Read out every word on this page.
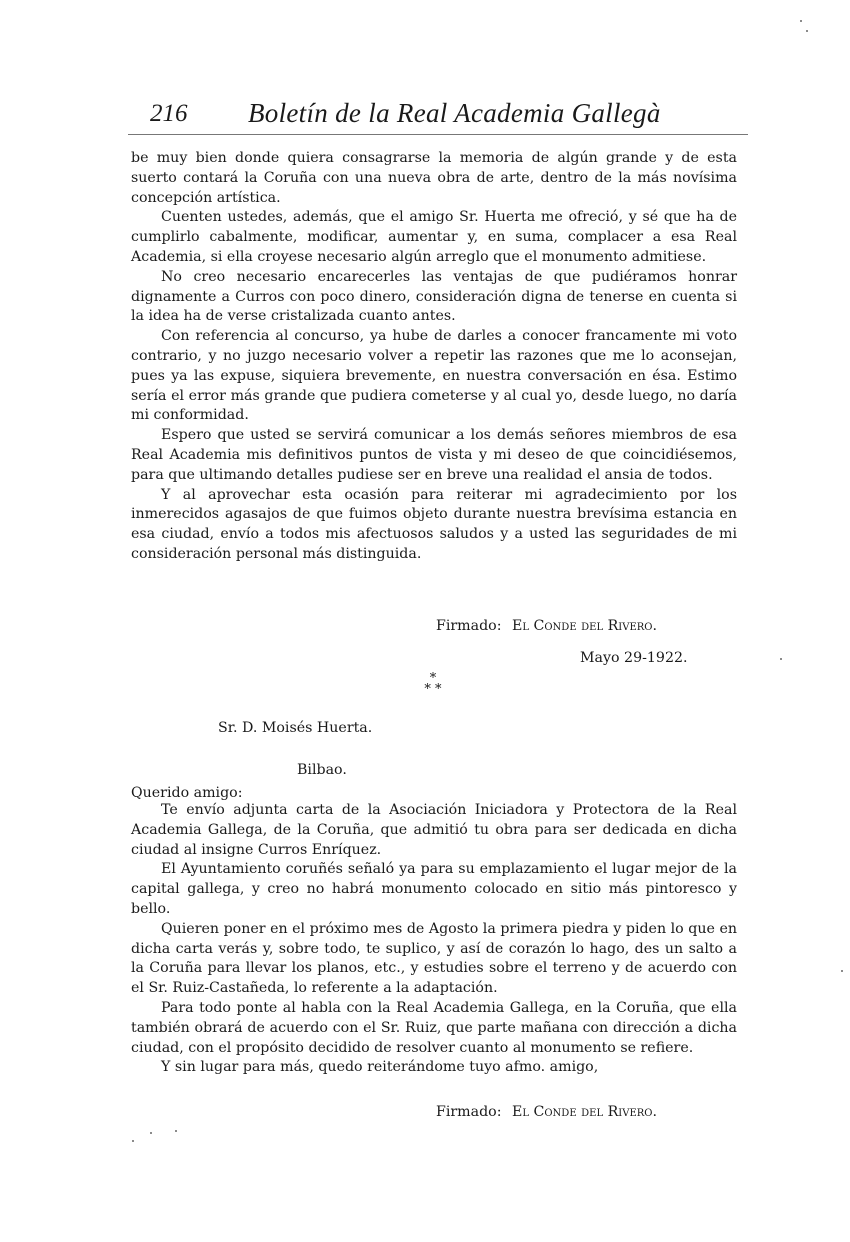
216 Boletín de la Real Academia Gallegà

be muy bien donde quiera consagrarse la memoria de algún grande y de esta suerto contará la Coruña con una nueva obra de arte, dentro de la más novísima concepción artística.

Cuenten ustedes, además, que el amigo Sr. Huerta me ofreció, y sé que ha de cumplirlo cabalmente, modificar, aumentar y, en suma, complacer a esa Real Academia, si ella croyese necesario algún arreglo que el monumento admitiese.

No creo necesario encarecerles las ventajas de que pudiéramos honrar dignamente a Curros con poco dinero, consideración digna de tenerse en cuenta si la idea ha de verse cristalizada cuanto antes.

Con referencia al concurso, ya hube de darles a conocer francamente mi voto contrario, y no juzgo necesario volver a repetir las razones que me lo aconsejan, pues ya las expuse, siquiera brevemente, en nuestra conversación en ésa. Estimo sería el error más grande que pudiera cometerse y al cual yo, desde luego, no daría mi conformidad.

Espero que usted se servirá comunicar a los demás señores miembros de esa Real Academia mis definitivos puntos de vista y mi deseo de que coincidiésemos, para que ultimando detalles pudiese ser en breve una realidad el ansia de todos.

Y al aprovechar esta ocasión para reiterar mi agradecimiento por los inmerecidos agasajos de que fuimos objeto durante nuestra brevísima estancia en esa ciudad, envío a todos mis afectuosos saludos y a usted las seguridades de mi consideración personal más distinguida.

Firmado: El Conde del Rivero.
Mayo 29-1922.
*
* *
Sr. D. Moisés Huerta.
Bilbao.
Querido amigo:

Te envío adjunta carta de la Asociación Iniciadora y Protectora de la Real Academia Gallega, de la Coruña, que admitió tu obra para ser dedicada en dicha ciudad al insigne Curros Enríquez.

El Ayuntamiento coruñés señaló ya para su emplazamiento el lugar mejor de la capital gallega, y creo no habrá monumento colocado en sitio más pintoresco y bello.

Quieren poner en el próximo mes de Agosto la primera piedra y piden lo que en dicha carta verás y, sobre todo, te suplico, y así de corazón lo hago, des un salto a la Coruña para llevar los planos, etc., y estudies sobre el terreno y de acuerdo con el Sr. Ruiz-Castañeda, lo referente a la adaptación.

Para todo ponte al habla con la Real Academia Gallega, en la Coruña, que ella también obrará de acuerdo con el Sr. Ruiz, que parte mañana con dirección a dicha ciudad, con el propósito decidido de resolver cuanto al monumento se refiere.

Y sin lugar para más, quedo reiterándome tuyo afmo. amigo,

Firmado: El Conde del Rivero.
